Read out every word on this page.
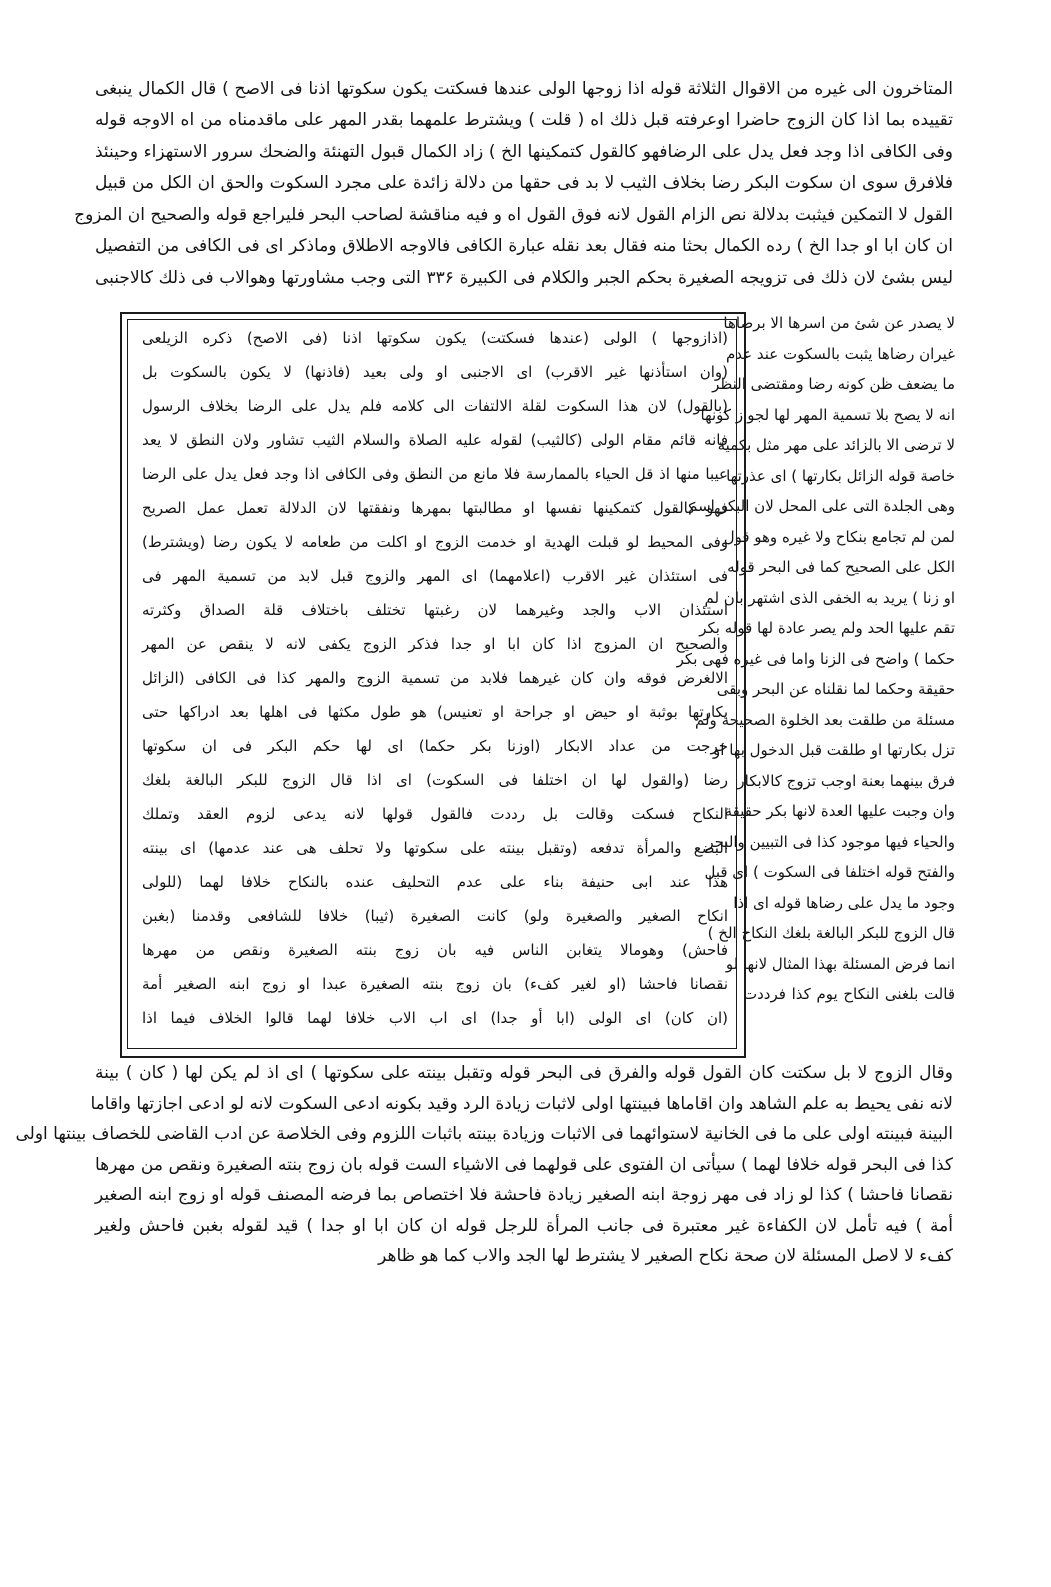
المتاخرون الى غيره من الاقوال الثلاثة قوله اذا زوجها الولى عندها فسكتت يكون سكوتها اذنا فى الاصح ) قال الكمال ينبغى
تقييده بما اذا كان الزوج حاضرا اوعرفته قبل ذلك اه ( قلت ) ويشترط علمهما بقدر المهر على ماقدمناه من اه الاوجه قوله
وفى الكافى اذا وجد فعل يدل على الرضافهو كالقول كتمكينها الخ ) زاد الكمال قبول التهنئة والضحك سرور الاستهزاء وحينئذ
فلافرق سوى ان سكوت البكر رضا بخلاف الثيب لا بد فى حقها من دلالة زائدة على مجرد السكوت والحق ان الكل من قبيل
القول لا التمكين فيثبت بدلالة نص الزام القول لانه فوق القول اه و فيه مناقشة لصاحب البحر فليراجع قوله والصحيح ان المزوج
ان كان ابا او جدا الخ ) رده الكمال بحثا منه فقال بعد نقله عبارة الكافى فالاوجه الاطلاق وماذكر اى فى الكافى من التفصيل
ليس بشئ لان ذلك فى تزويجه الصغيرة بحكم الجبر والكلام فى الكبيرة ۳۳۶ التى وجب مشاورتها وهوالاب فى ذلك كالاجنبى
لا يصدر عن شئ من اسرها الا برضاها
غيران رضاها يثبت بالسكوت عند عدم
ما يضعف ظن كونه رضا ومقتضى النظر
انه لا يصح بلا تسمية المهر لها لجواز كونها
لا ترضى الا بالزائد على مهر مثل بكمية
خاصة قوله الزائل بكارتها ) اى عذرتها
وهى الجلدة التى على المحل لان البكر اسم
لمن لم تجامع بنكاح ولا غيره وهو قول
الكل على الصحيح كما فى البحر قوله
او زنا ) يريد به الخفى الذى اشتهر بان لم
تقم عليها الحد ولم يصر عادة لها قوله بكر
حكما ) واضح فى الزنا واما فى غيره فهى بكر
حقيقة وحكما لما نقلناه عن البحر وبقى
مسئلة من طلقت بعد الخلوة الصحيحة ولم
تزل بكارتها او طلقت قبل الدخول بها او
فرق بينهما بعنة اوجب تزوج كالابكار
وان وجبت عليها العدة لانها بكر حقيقة
والحياء فيها موجود كذا فى التبيين والبحر
والفتح قوله اختلفا فى السكوت ) اى قبل
وجود ما يدل على رضاها قوله اى اذا
قال الزوج للبكر البالغة بلغك النكاح الخ )
انما فرض المسئلة بهذا المثال لانها لو
قالت بلغنى النكاح يوم كذا فرددت
(اذازوجها ) الولى (عندها فسكتت) يكون سكوتها اذنا (فى الاصح) ذكره الزيلعى
(وان استأذنها غير الاقرب) اى الاجنبى او ولى بعيد (فاذنها) لا يكون بالسكوت بل
(بالقول) لان هذا السكوت لقلة الالتفات الى كلامه فلم يدل على الرضا بخلاف الرسول
فانه قائم مقام الولى (كالثيب) لقوله عليه الصلاة والسلام الثيب تشاور ولان النطق لا يعد
عيبا منها اذ قل الحياء بالممارسة فلا مانع من النطق وفى الكافى اذا وجد فعل يدل على الرضا
فهو كالقول كتمكينها نفسها او مطالبتها بمهرها ونفقتها لان الدلالة تعمل عمل الصريح
وفى المحيط لو قبلت الهدية او خدمت الزوج او اكلت من طعامه لا يكون رضا (ويشترط)
فى استئذان غير الاقرب (اعلامهما) اى المهر والزوج قبل لابد من تسمية المهر فى
استئذان الاب والجد وغيرهما لان رغبتها تختلف باختلاف قلة الصداق وكثرته
والصحيح ان المزوج اذا كان ابا او جدا فذكر الزوج يكفى لانه لا ينقص عن المهر
الالغرض فوقه وان كان غيرهما فلابد من تسمية الزوج والمهر كذا فى الكافى (الزائل
بكارتها بوثبة او حيض او جراحة او تعنيس) هو طول مكثها فى اهلها بعد ادراكها حتى
خرجت من عداد الابكار (اوزنا بكر حكما) اى لها حكم البكر فى ان سكوتها
رضا (والقول لها ان اختلفا فى السكوت) اى اذا قال الزوج للبكر البالغة بلغك
النكاح فسكت وقالت بل رددت فالقول قولها لانه يدعى لزوم العقد وتملك
البضع والمرأة تدفعه (وتقبل بينته على سكوتها ولا تحلف هى عند عدمها) اى بينته
هذا عند ابى حنيفة بناء على عدم التحليف عنده بالنكاح خلافا لهما (للولى
انكاح الصغير والصغيرة ولو) كانت الصغيرة (ثيبا) خلافا للشافعى وقدمنا (بغبن
فاحش) وهومالا يتغابن الناس فيه بان زوج بنته الصغيرة ونقص من مهرها
نقصانا فاحشا (او لغير كفء) بان زوج بنته الصغيرة عبدا او زوج ابنه الصغير أمة
(ان كان) اى الولى (ابا أو جدا) اى اب الاب خلافا لهما قالوا الخلاف فيما اذا
وقال الزوج لا بل سكتت كان القول قوله والفرق فى البحر قوله وتقبل بينته على سكوتها ) اى اذ لم يكن لها ( كان ) بينة
لانه نفى يحيط به علم الشاهد وان اقاماها فبينتها اولى لاثبات زيادة الرد وقيد بكونه ادعى السكوت لانه لو ادعى اجازتها واقاما
البينة فبينته اولى على ما فى الخانية لاستوائهما فى الاثبات وزيادة بينته باثبات اللزوم وفى الخلاصة عن ادب القاضى للخصاف بينتها اولى
كذا فى البحر قوله خلافا لهما ) سيأتى ان الفتوى على قولهما فى الاشياء الست قوله بان زوج بنته الصغيرة ونقص من مهرها
نقصانا فاحشا ) كذا لو زاد فى مهر زوجة ابنه الصغير زيادة فاحشة فلا اختصاص بما فرضه المصنف قوله او زوج ابنه الصغير
أمة ) فيه تأمل لان الكفاءة غير معتبرة فى جانب المرأة للرجل قوله ان كان ابا او جدا ) قيد لقوله بغبن فاحش ولغير
كفء لا لاصل المسئلة لان صحة نكاح الصغير لا يشترط لها الجد والاب كما هو ظاهر
